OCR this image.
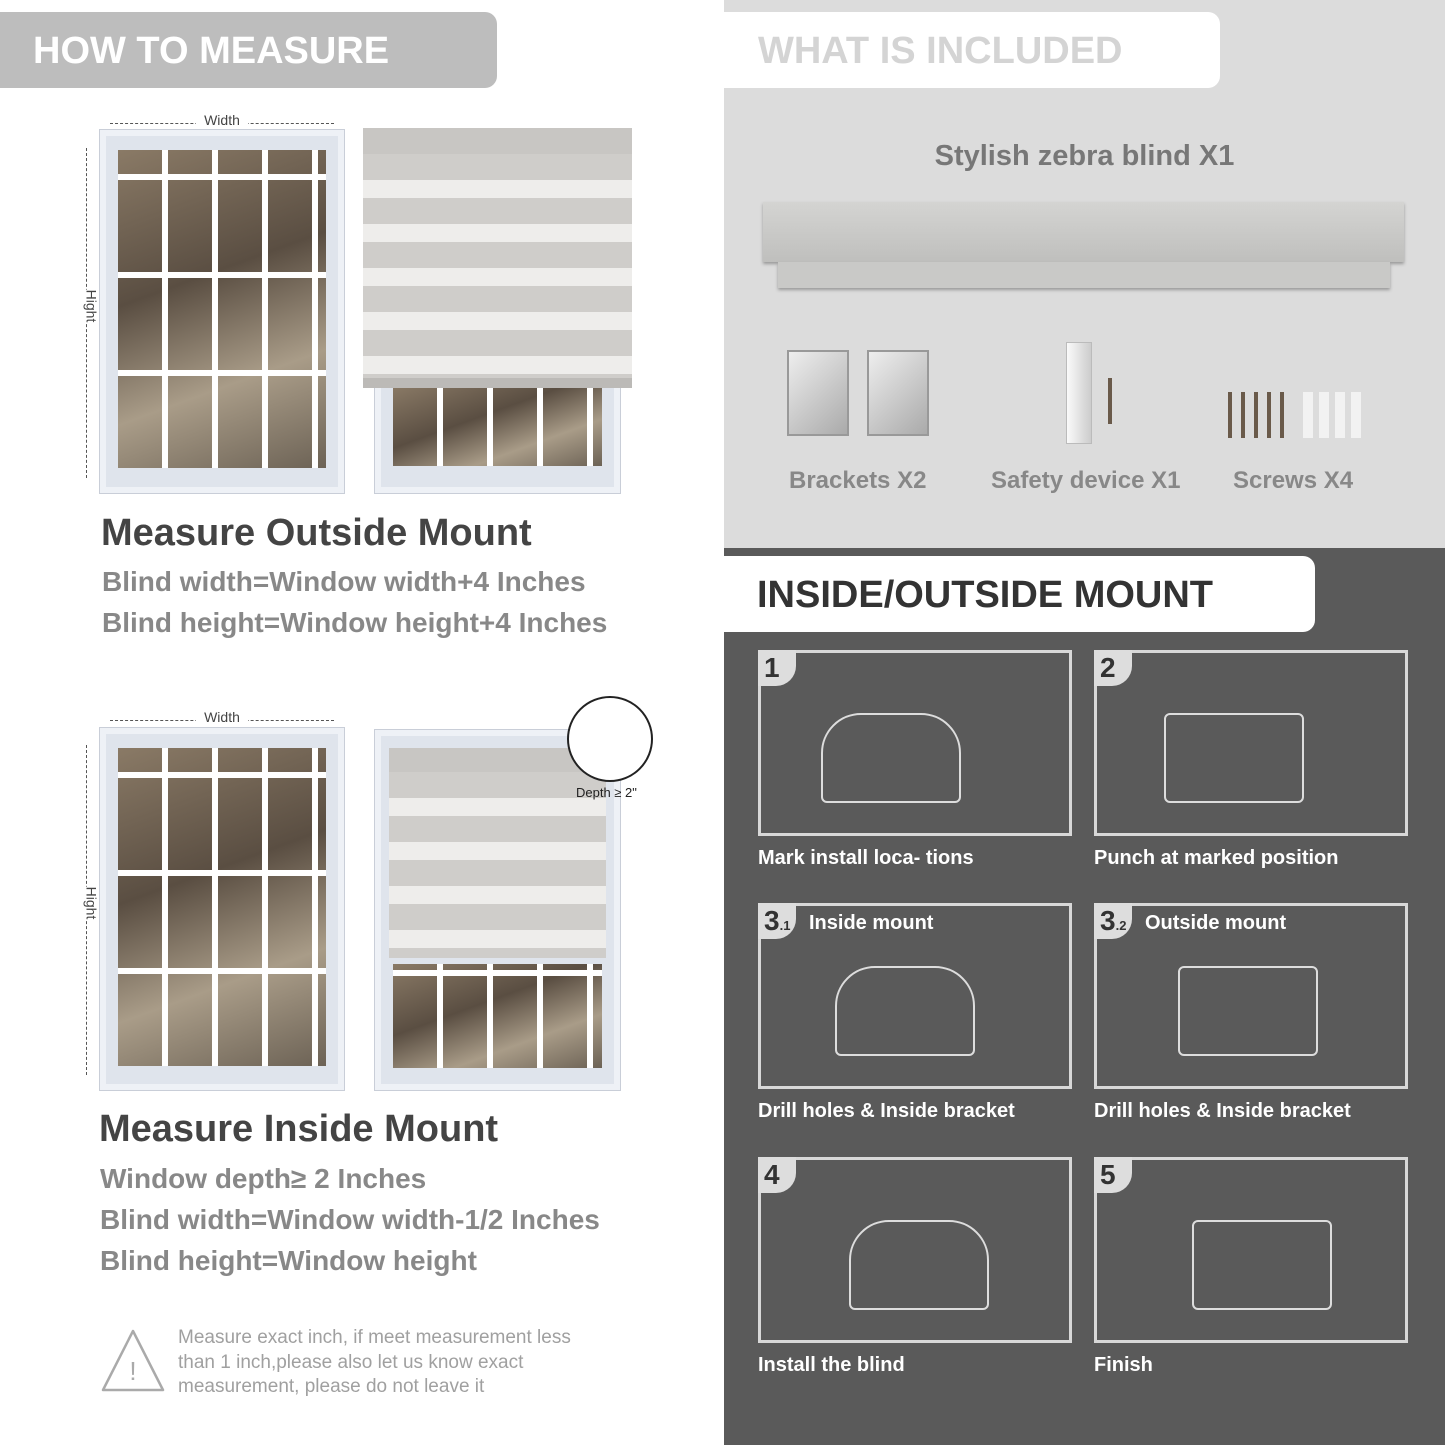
HOW TO MEASURE
Width
Hight
Measure Outside Mount
Blind width=Window width+4 Inches
Blind height=Window height+4 Inches
Width
Hight
Depth ≥ 2"
Measure Inside Mount
Window depth≥ 2 Inches
Blind width=Window width-1/2 Inches
Blind height=Window height
!
Measure exact inch, if meet measurement less
than 1 inch,please also let us know exact
measurement, please do not leave it
WHAT IS INCLUDED
Stylish zebra blind X1
Brackets X2	Safety device X1 Screws X4
INSIDE/OUTSIDE MOUNT
1
Mark install loca- tions
2
Punch at marked position
3.1 Inside mount
Drill holes & Inside bracket
3.2 Outside mount
Drill holes & Inside bracket
4
Install the blind
5
Finish
